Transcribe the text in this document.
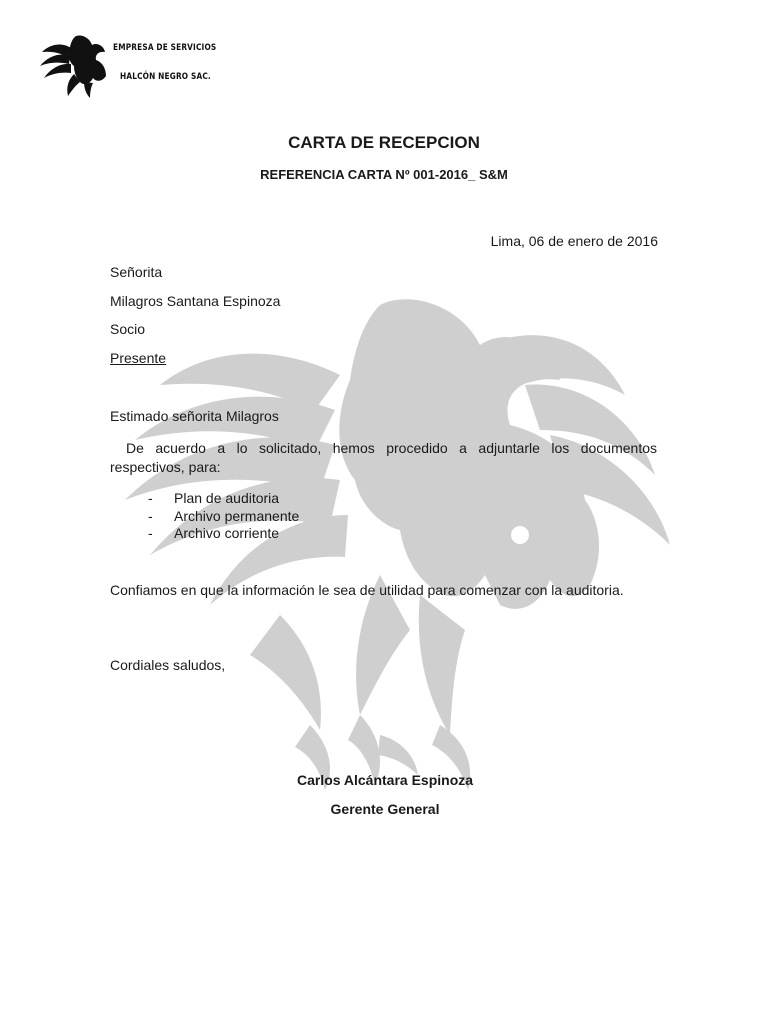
EMPRESA DE SERVICIOS
HALCÓN NEGRO SAC.
CARTA DE RECEPCION
REFERENCIA CARTA Nº 001-2016_ S&M
Lima, 06 de enero de 2016
Señorita
Milagros Santana Espinoza
Socio
Presente
Estimado señorita Milagros
De acuerdo a lo solicitado, hemos procedido a adjuntarle los documentos respectivos, para:
- Plan de auditoria
- Archivo permanente
- Archivo corriente
Confiamos en que la información le sea de utilidad para comenzar con la auditoria.
Cordiales saludos,
Carlos Alcántara Espinoza
Gerente General
